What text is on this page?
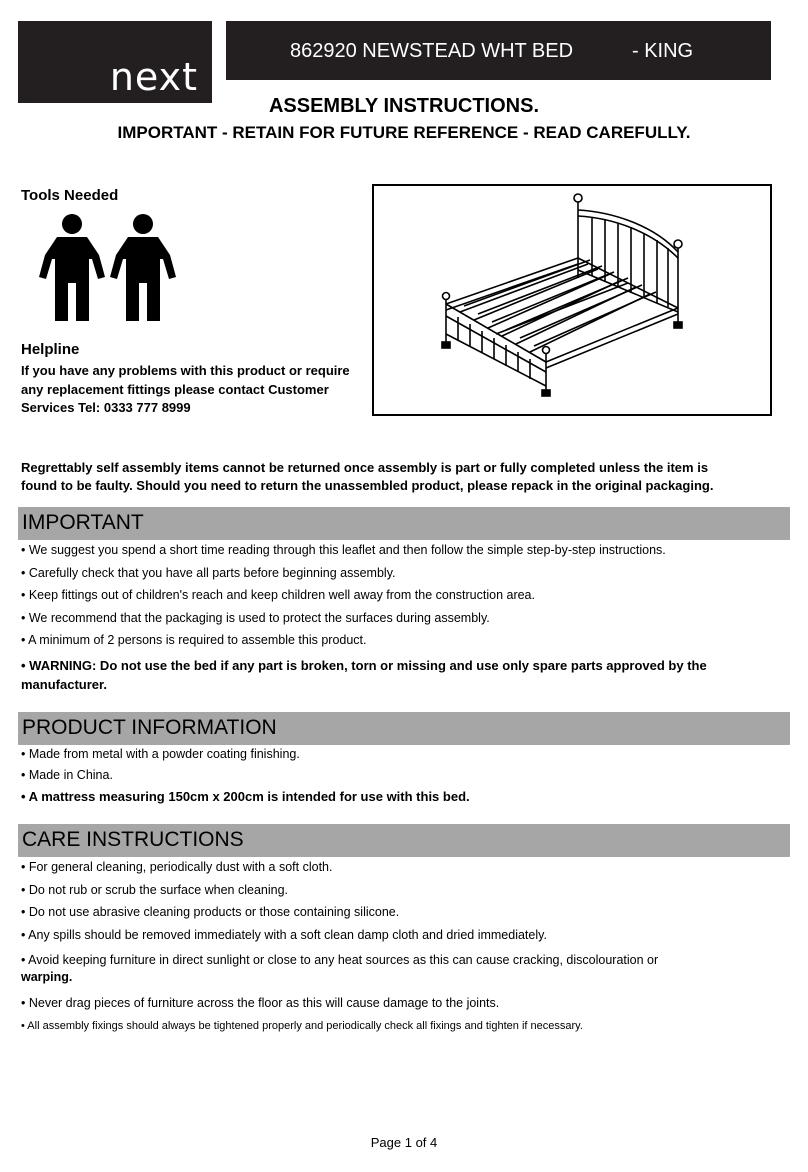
next
862920 NEWSTEAD WHT BED	- KING
ASSEMBLY INSTRUCTIONS.
IMPORTANT - RETAIN FOR FUTURE REFERENCE - READ CAREFULLY.
Tools Needed
Helpline
If you have any problems with this product or require
any replacement fittings please contact Customer
Services Tel: 0333 777 8999
Regrettably self assembly items cannot be returned once assembly is part or fully completed unless the item is
found to be faulty. Should you need to return the unassembled product, please repack in the original packaging.
IMPORTANT
• We suggest you spend a short time reading through this leaflet and then follow the simple step-by-step instructions.
• Carefully check that you have all parts before beginning assembly.
• Keep fittings out of children's reach and keep children well away from the construction area.
• We recommend that the packaging is used to protect the surfaces during assembly.
• A minimum of 2 persons is required to assemble this product.
• WARNING: Do not use the bed if any part is broken, torn or missing and use only spare parts approved by the
manufacturer.
PRODUCT INFORMATION
• Made from metal with a powder coating finishing.
• Made in China.
• A mattress measuring 150cm x 200cm is intended for use with this bed.
CARE INSTRUCTIONS
• For general cleaning, periodically dust with a soft cloth.
• Do not rub or scrub the surface when cleaning.
• Do not use abrasive cleaning products or those containing silicone.
• Any spills should be removed immediately with a soft clean damp cloth and dried immediately.
• Avoid keeping furniture in direct sunlight or close to any heat sources as this can cause cracking, discolouration or
warping.
• Never drag pieces of furniture across the floor as this will cause damage to the joints.
• All assembly fixings should always be tightened properly and periodically check all fixings and tighten if necessary.
Page 1 of 4
